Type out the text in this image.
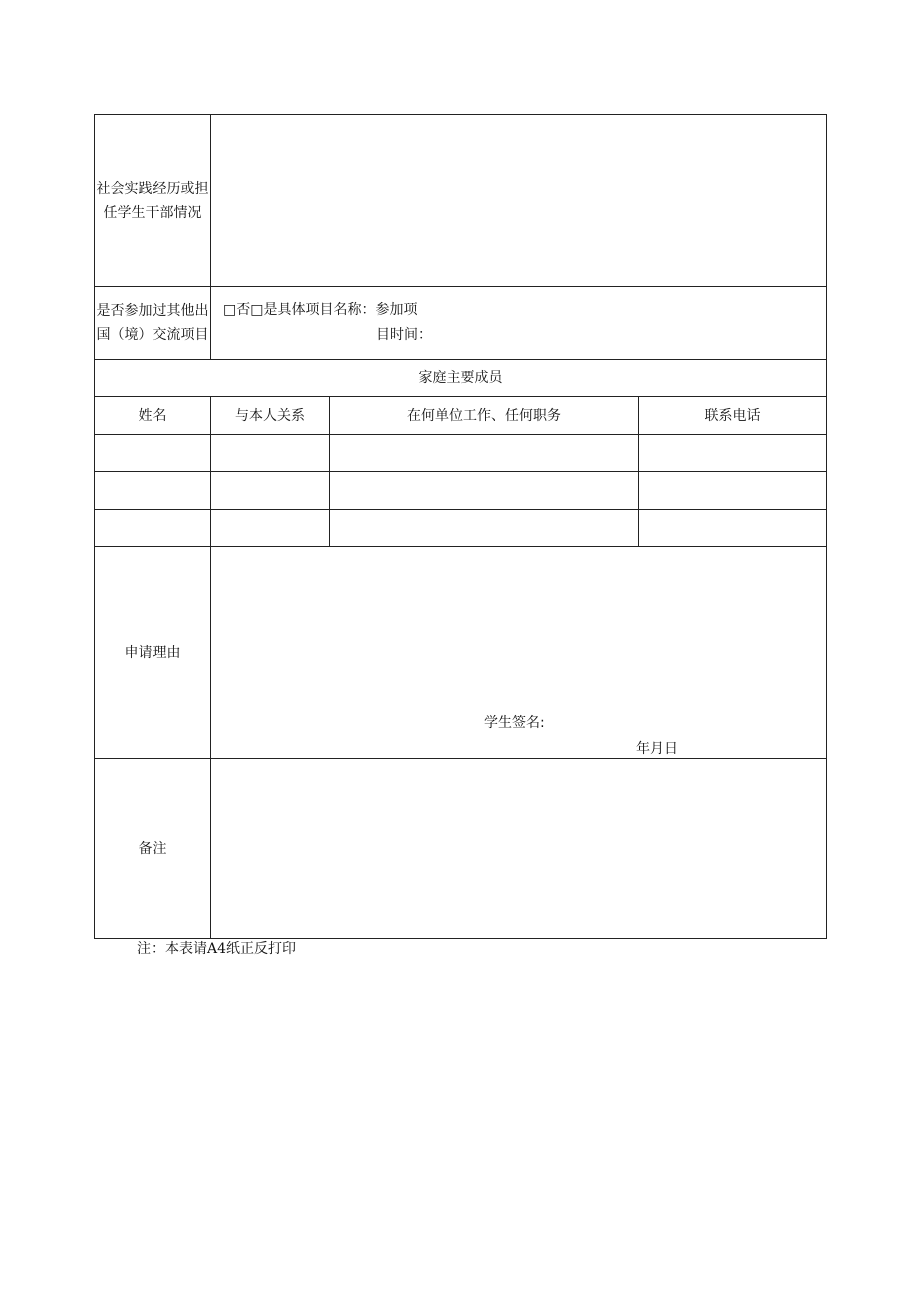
社会实践经历或担任学生干部情况			
是否参加过其他出国（境）交流项目	□否□是具体项目名称：参加项
目时间：		

家庭主要成员			
姓名	与本人关系	在何单位工作、任何职务	联系电话

申请理由	学生签名:
年月日		

备注			
注：本表请A4纸正反打印
